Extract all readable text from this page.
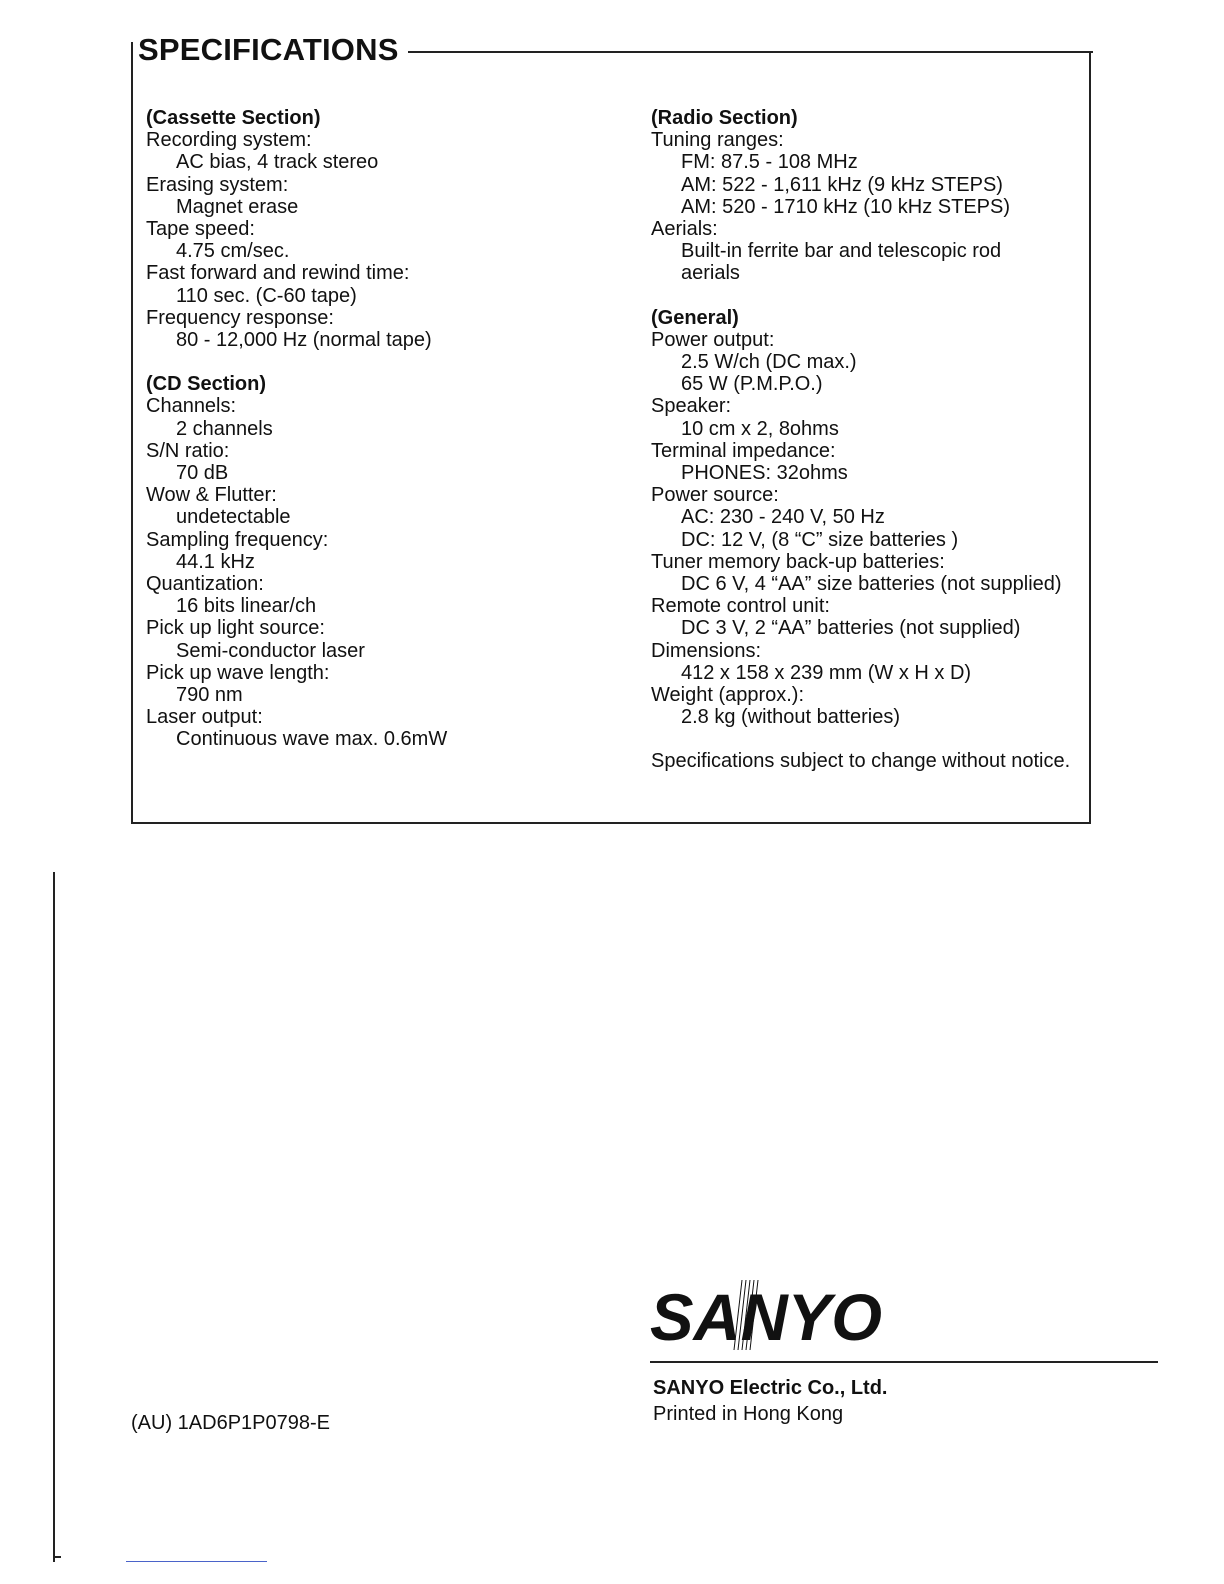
SPECIFICATIONS
(Cassette Section)
Recording system:
AC bias, 4 track stereo
Erasing system:
Magnet erase
Tape speed:
4.75 cm/sec.
Fast forward and rewind time:
110 sec. (C-60 tape)
Frequency response:
80 - 12,000 Hz (normal tape)
(CD Section)
Channels:
2 channels
S/N ratio:
70 dB
Wow & Flutter:
undetectable
Sampling frequency:
44.1 kHz
Quantization:
16 bits linear/ch
Pick up light source:
Semi-conductor laser
Pick up wave length:
790 nm
Laser output:
Continuous wave max. 0.6mW
(Radio Section)
Tuning ranges:
FM: 87.5 - 108 MHz
AM: 522 - 1,611 kHz (9 kHz STEPS)
AM: 520 - 1710 kHz (10 kHz STEPS)
Aerials:
Built-in ferrite bar and telescopic rod
aerials
(General)
Power output:
2.5 W/ch (DC max.)
65 W (P.M.P.O.)
Speaker:
10 cm x 2, 8ohms
Terminal impedance:
PHONES: 32ohms
Power source:
AC: 230 - 240 V, 50 Hz
DC: 12 V, (8 “C” size batteries )
Tuner memory back-up batteries:
DC 6 V, 4 “AA” size batteries (not supplied)
Remote control unit:
DC 3 V, 2 “AA” batteries (not supplied)
Dimensions:
412 x 158 x 239 mm (W x H x D)
Weight (approx.):
2.8 kg (without batteries)
Specifications subject to change without notice.
SANYO
SANYO Electric Co., Ltd.
Printed in Hong Kong
(AU) 1AD6P1P0798-E
